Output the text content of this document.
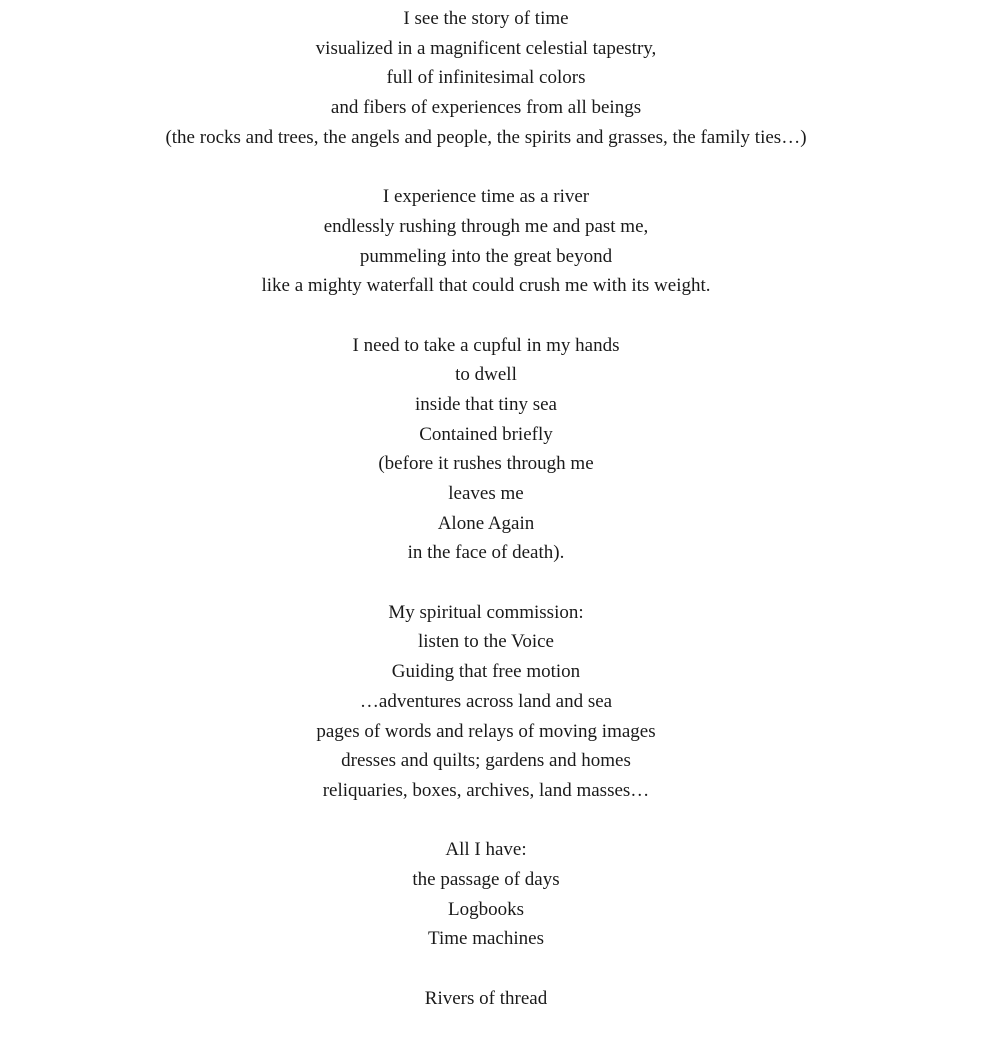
I see the story of time
visualized in a magnificent celestial tapestry,
full of infinitesimal colors
and fibers of experiences from all beings
(the rocks and trees, the angels and people, the spirits and grasses, the family ties…)
I experience time as a river
endlessly rushing through me and past me,
pummeling into the great beyond
like a mighty waterfall that could crush me with its weight.
I need to take a cupful in my hands
to dwell
inside that tiny sea
Contained briefly
(before it rushes through me
leaves me
Alone Again
in the face of death).
My spiritual commission:
listen to the Voice
Guiding that free motion
…adventures across land and sea
pages of words and relays of moving images
dresses and quilts; gardens and homes
reliquaries, boxes, archives, land masses…
All I have:
the passage of days
Logbooks
Time machines
Rivers of thread
